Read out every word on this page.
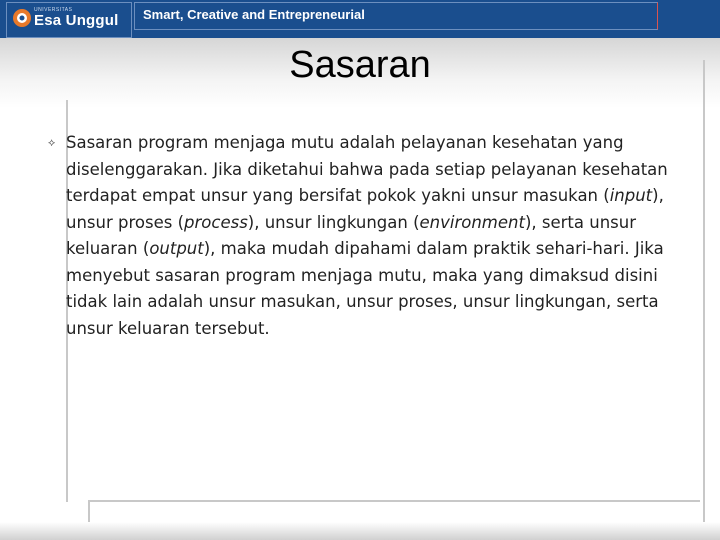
UNIVERSITAS
Esa Unggul Smart, Creative and Entrepreneurial
Sasaran
⟡ Sasaran program menjaga mutu adalah pelayanan kesehatan yang diselenggarakan. Jika diketahui bahwa pada setiap pelayanan kesehatan terdapat empat unsur yang bersifat pokok yakni unsur masukan (input), unsur proses (process), unsur lingkungan (environment), serta unsur keluaran (output), maka mudah dipahami dalam praktik sehari-hari. Jika menyebut sasaran program menjaga mutu, maka yang dimaksud disini tidak lain adalah unsur masukan, unsur proses, unsur lingkungan, serta unsur keluaran tersebut.
